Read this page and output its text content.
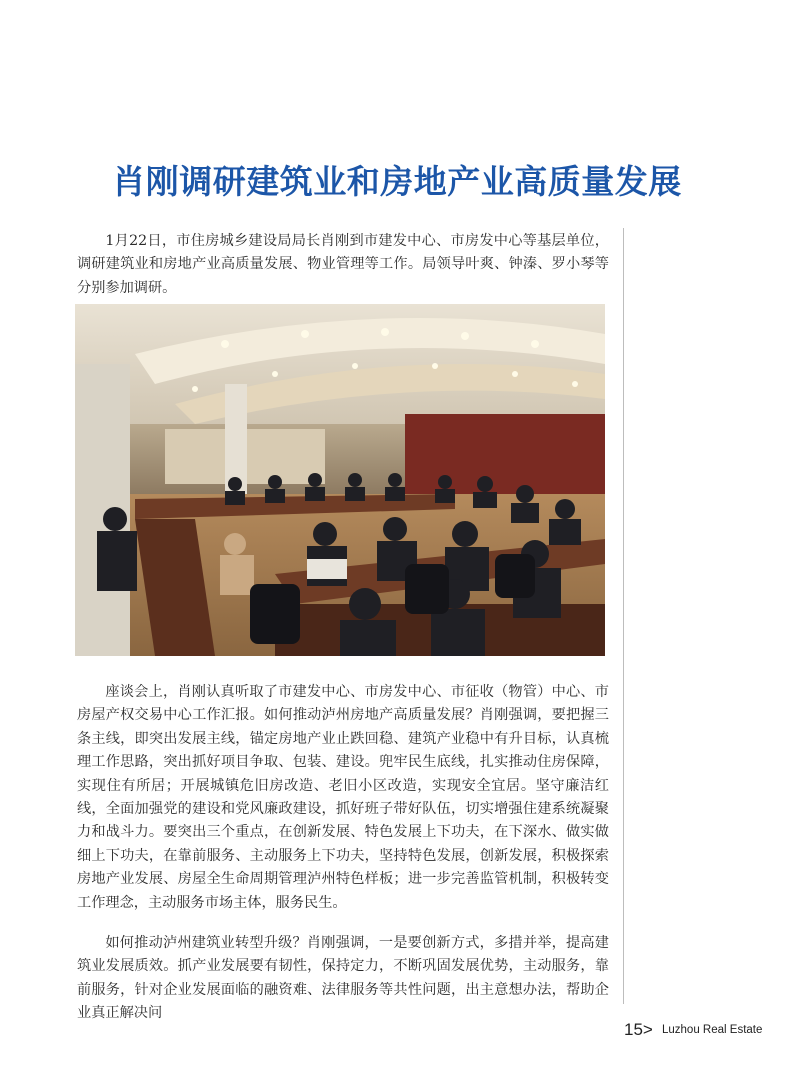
肖刚调研建筑业和房地产业高质量发展

1月22日，市住房城乡建设局局长肖刚到市建发中心、市房发中心等基层单位，调研建筑业和房地产业高质量发展、物业管理等工作。局领导叶爽、钟溱、罗小琴等分别参加调研。

座谈会上，肖刚认真听取了市建发中心、市房发中心、市征收（物管）中心、市房屋产权交易中心工作汇报。如何推动泸州房地产高质量发展？肖刚强调，要把握三条主线，即突出发展主线，锚定房地产业止跌回稳、建筑产业稳中有升目标，认真梳理工作思路，突出抓好项目争取、包装、建设。兜牢民生底线，扎实推动住房保障，实现住有所居；开展城镇危旧房改造、老旧小区改造，实现安全宜居。坚守廉洁红线，全面加强党的建设和党风廉政建设，抓好班子带好队伍，切实增强住建系统凝聚力和战斗力。要突出三个重点，在创新发展、特色发展上下功夫，在下深水、做实做细上下功夫，在靠前服务、主动服务上下功夫，坚持特色发展，创新发展，积极探索房地产业发展、房屋全生命周期管理泸州特色样板；进一步完善监管机制，积极转变工作理念，主动服务市场主体，服务民生。

如何推动泸州建筑业转型升级？肖刚强调，一是要创新方式，多措并举，提高建筑业发展质效。抓产业发展要有韧性，保持定力，不断巩固发展优势，主动服务，靠前服务，针对企业发展面临的融资难、法律服务等共性问题，出主意想办法，帮助企业真正解决问

15> Luzhou Real Estate
